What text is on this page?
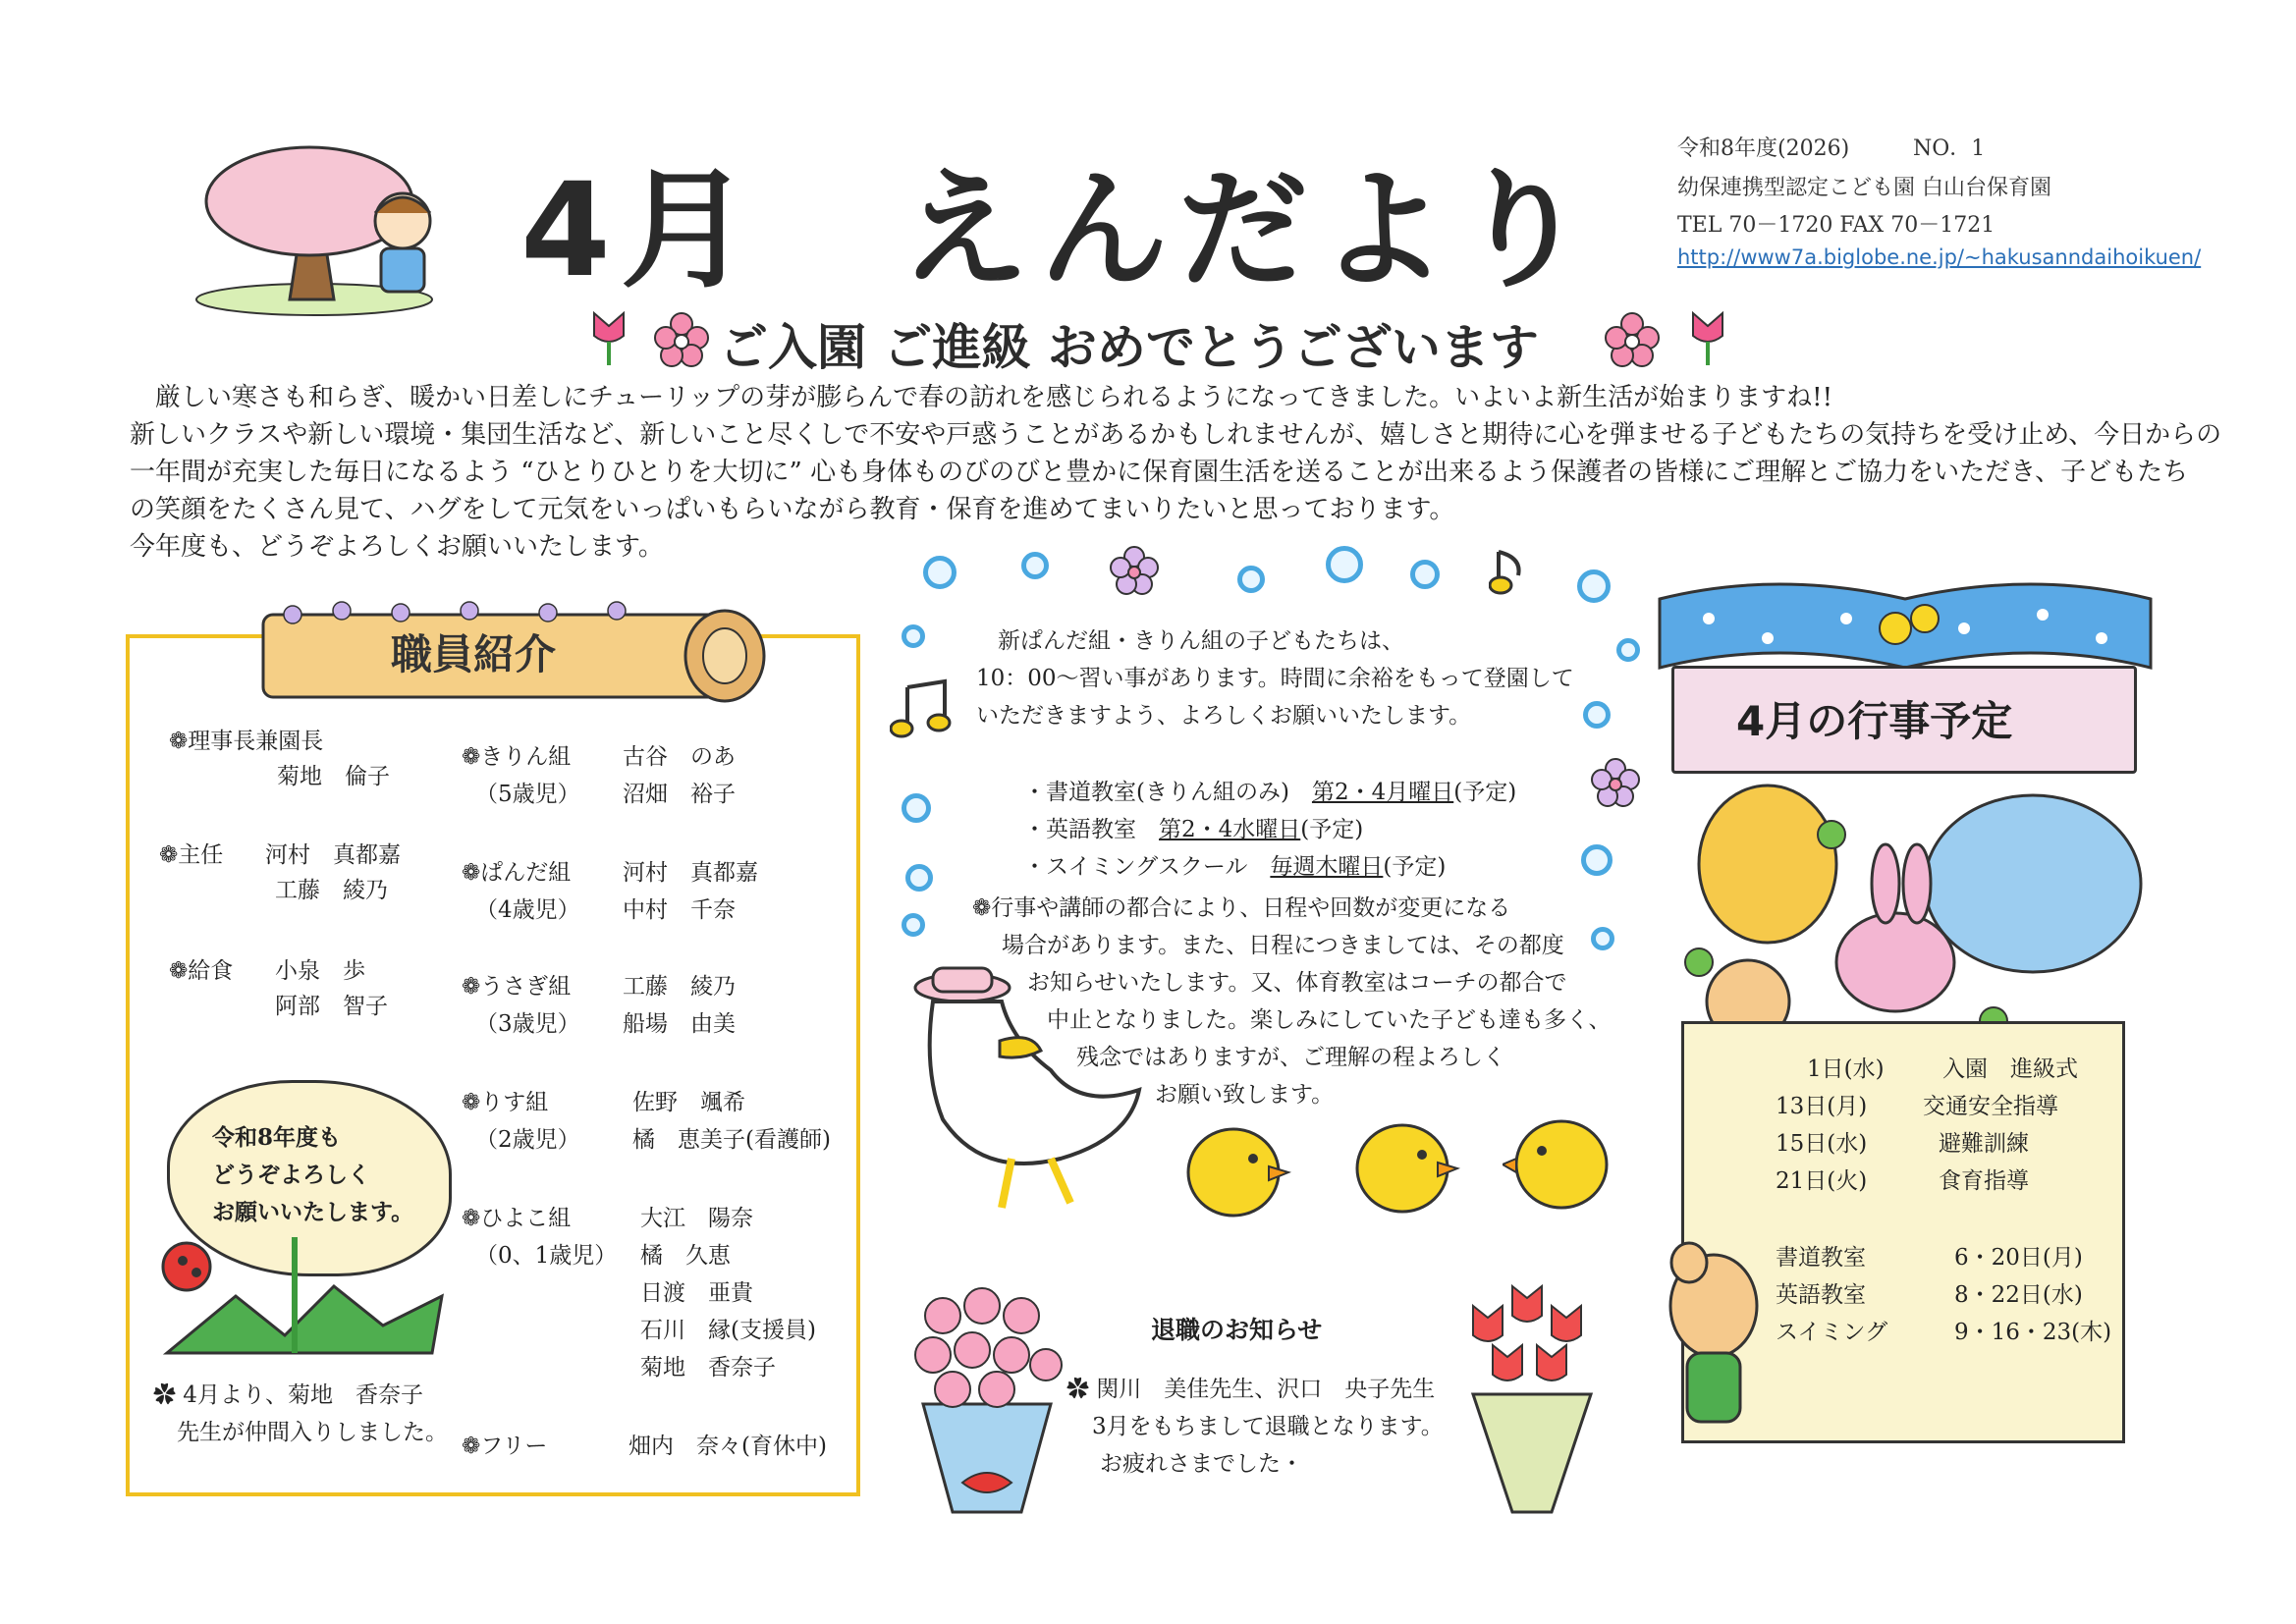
4月　えんだより
令和8年度(2026)	NO．1
幼保連携型認定こども園 白山台保育園
TEL 70－1720 FAX 70－1721
http://www7a.biglobe.ne.jp/~hakusanndaihoikuen/
ご入園 ご進級 おめでとうございます

　厳しい寒さも和らぎ、暖かい日差しにチューリップの芽が膨らんで春の訪れを感じられるようになってきました。いよいよ新生活が始まりますね!!

新しいクラスや新しい環境・集団生活など、新しいこと尽くしで不安や戸惑うことがあるかもしれませんが、嬉しさと期待に心を弾ませる子どもたちの気持ちを受け止め、今日からの

一年間が充実した毎日になるよう “ひとりひとりを大切に” 心も身体ものびのびと豊かに保育園生活を送ることが出来るよう保護者の皆様にご理解とご協力をいただき、子どもたち

の笑顔をたくさん見て、ハグをして元気をいっぱいもらいながら教育・保育を進めてまいりたいと思っております。

今年度も、どうぞよろしくお願いいたします。

職員紹介
❁理事長兼園長
菊地　倫子
❁主任 河村　真都嘉
工藤　綾乃
❁給食 小泉　歩
阿部　智子
❁きりん組
（5歳児）
古谷　のあ
沼畑　裕子
❁ぱんだ組
（4歳児）
河村　真都嘉
中村　千奈
❁うさぎ組
（3歳児）
工藤　綾乃
船場　由美
❁りす組
（2歳児）
佐野　颯希
橘　恵美子(看護師)
❁ひよこ組
（0、1歳児）
大江　陽奈
橘　久恵
日渡　亜貴
石川　縁(支援員)
菊地　香奈子
❁フリー	畑内　奈々(育休中)
令和8年度も
どうぞよろしく
お願いいたします。
✿ 4月より、菊地　香奈子
先生が仲間入りしました。
新ぱんだ組・きりん組の子どもたちは、
10：00～習い事があります。時間に余裕をもって登園して
いただきますよう、よろしくお願いいたします。
・書道教室(きりん組のみ)　第2・4月曜日(予定)
・英語教室　第2・4水曜日(予定)
・スイミングスクール　毎週木曜日(予定)
❁行事や講師の都合により、日程や回数が変更になる
場合があります。また、日程につきましては、その都度
お知らせいたします。又、体育教室はコーチの都合で
中止となりました。楽しみにしていた子ども達も多く、
残念ではありますが、ご理解の程よろしく
お願い致します。
退職のお知らせ
✿ 関川　美佳先生、沢口　央子先生
3月をもちまして退職となります。
お疲れさまでした・
4月の行事予定
1日(水)	入園　進級式
13日(月) 交通安全指導
15日(水)	避難訓練
21日(火)	食育指導
書道教室	6・20日(月)
英語教室	8・22日(水)
スイミング	9・16・23(木)
